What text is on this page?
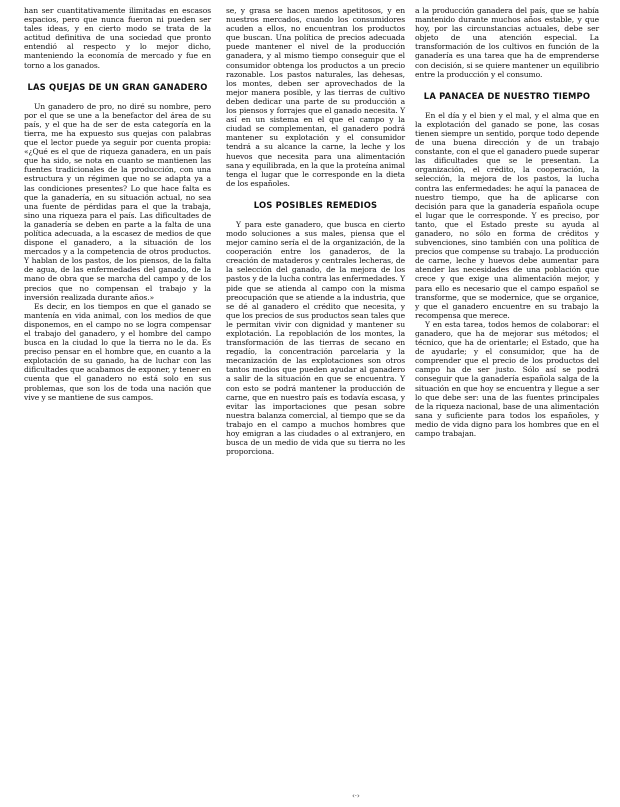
han ser cuantitativamente ilimitadas en escasos espacios, pero que nunca fueron ni pueden ser tales ideas, y en cierto modo se trata de la actitud definitiva de una sociedad que pronto entendió al respecto y lo mejor dicho, manteniendo la economía de mercado y fue en torno a los ganados.

LAS QUEJAS DE UN GRAN GANADERO

Un ganadero de pro, no diré su nombre, pero por el que se une a la benefactor del área de su país, y el que ha de ser de esta categoría en la tierra, me ha expuesto sus quejas con palabras que el lector puede ya seguir por cuenta propia: «¿Qué es el que de riqueza ganadera, en un país que ha sido, se nota en cuanto se mantienen las fuentes tradicionales de la producción, con una estructura y un régimen que no se adapta ya a las condiciones presentes? Lo que hace falta es que la ganadería, en su situación actual, no sea una fuente de pérdidas para el que la trabaja, sino una riqueza para el país. Las dificultades de la ganadería se deben en parte a la falta de una política adecuada, a la escasez de medios de que dispone el ganadero, a la situación de los mercados y a la competencia de otros productos. Y hablan de los pastos, de los piensos, de la falta de agua, de las enfermedades del ganado, de la mano de obra que se marcha del campo y de los precios que no compensan el trabajo y la inversión realizada durante años.»

Es decir, en los tiempos en que el ganado se mantenía en vida animal, con los medios de que disponemos, en el campo no se logra compensar el trabajo del ganadero, y el hombre del campo busca en la ciudad lo que la tierra no le da. Es preciso pensar en el hombre que, en cuanto a la explotación de su ganado, ha de luchar con las dificultades que acabamos de exponer, y tener en cuenta que el ganadero no está solo en sus problemas, que son los de toda una nación que vive y se mantiene de sus campos.

se, y grasa se hacen menos apetitosos, y en nuestros mercados, cuando los consumidores acuden a ellos, no encuentran los productos que buscan. Una política de precios adecuada puede mantener el nivel de la producción ganadera, y al mismo tiempo conseguir que el consumidor obtenga los productos a un precio razonable. Los pastos naturales, las dehesas, los montes, deben ser aprovechados de la mejor manera posible, y las tierras de cultivo deben dedicar una parte de su producción a los piensos y forrajes que el ganado necesita. Y así en un sistema en el que el campo y la ciudad se complementan, el ganadero podrá mantener su explotación y el consumidor tendrá a su alcance la carne, la leche y los huevos que necesita para una alimentación sana y equilibrada, en la que la proteína animal tenga el lugar que le corresponde en la dieta de los españoles.

LOS POSIBLES REMEDIOS

Y para este ganadero, que busca en cierto modo soluciones a sus males, piensa que el mejor camino sería el de la organización, de la cooperación entre los ganaderos, de la creación de mataderos y centrales lecheras, de la selección del ganado, de la mejora de los pastos y de la lucha contra las enfermedades. Y pide que se atienda al campo con la misma preocupación que se atiende a la industria, que se dé al ganadero el crédito que necesita, y que los precios de sus productos sean tales que le permitan vivir con dignidad y mantener su explotación. La repoblación de los montes, la transformación de las tierras de secano en regadío, la concentración parcelaria y la mecanización de las explotaciones son otros tantos medios que pueden ayudar al ganadero a salir de la situación en que se encuentra. Y con esto se podrá mantener la producción de carne, que en nuestro país es todavía escasa, y evitar las importaciones que pesan sobre nuestra balanza comercial, al tiempo que se da trabajo en el campo a muchos hombres que hoy emigran a las ciudades o al extranjero, en busca de un medio de vida que su tierra no les proporciona.

a la producción ganadera del país, que se había mantenido durante muchos años estable, y que hoy, por las circunstancias actuales, debe ser objeto de una atención especial. La transformación de los cultivos en función de la ganadería es una tarea que ha de emprenderse con decisión, si se quiere mantener un equilibrio entre la producción y el consumo.

LA PANACEA DE NUESTRO TIEMPO

En el día y el bien y el mal, y el alma que en la explotación del ganado se pone, las cosas tienen siempre un sentido, porque todo depende de una buena dirección y de un trabajo constante, con el que el ganadero puede superar las dificultades que se le presentan. La organización, el crédito, la cooperación, la selección, la mejora de los pastos, la lucha contra las enfermedades: he aquí la panacea de nuestro tiempo, que ha de aplicarse con decisión para que la ganadería española ocupe el lugar que le corresponde. Y es preciso, por tanto, que el Estado preste su ayuda al ganadero, no sólo en forma de créditos y subvenciones, sino también con una política de precios que compense su trabajo. La producción de carne, leche y huevos debe aumentar para atender las necesidades de una población que crece y que exige una alimentación mejor, y para ello es necesario que el campo español se transforme, que se modernice, que se organice, y que el ganadero encuentre en su trabajo la recompensa que merece.

Y en esta tarea, todos hemos de colaborar: el ganadero, que ha de mejorar sus métodos; el técnico, que ha de orientarle; el Estado, que ha de ayudarle; y el consumidor, que ha de comprender que el precio de los productos del campo ha de ser justo. Sólo así se podrá conseguir que la ganadería española salga de la situación en que hoy se encuentra y llegue a ser lo que debe ser: una de las fuentes principales de la riqueza nacional, base de una alimentación sana y suficiente para todos los españoles, y medio de vida digno para los hombres que en el campo trabajan.

‹·›
